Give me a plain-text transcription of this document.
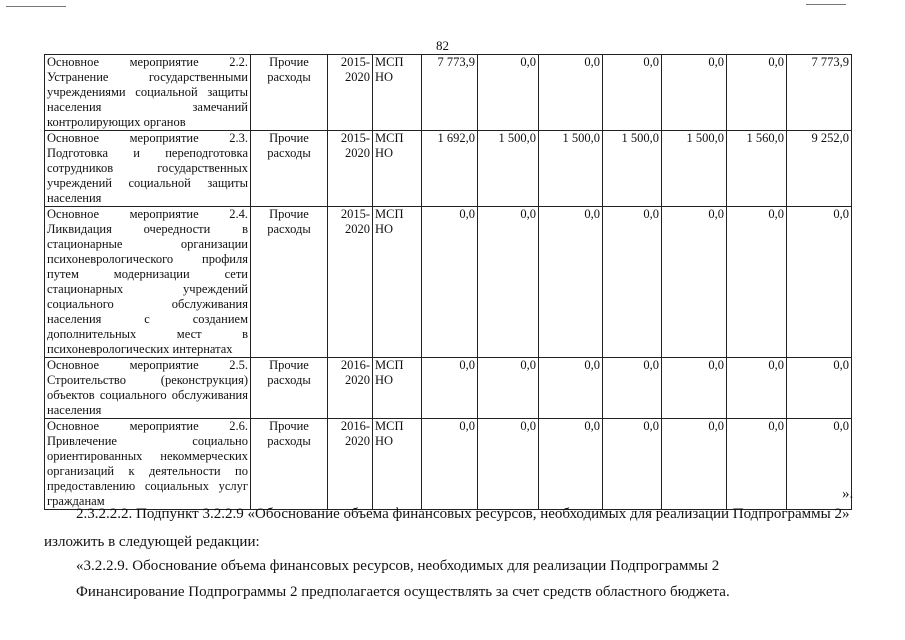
82
Основное мероприятие 2.2. Устранение государственными учреждениями социальной защиты населения замечаний контролирующих органов	Прочие расходы	2015-2020	МСП НО	7 773,9	0,0	0,0	0,0	0,0	0,0	7 773,9
Основное мероприятие 2.3. Подготовка и переподготовка сотрудников государственных учреждений социальной защиты населения	Прочие расходы	2015-2020	МСП НО	1 692,0	1 500,0	1 500,0	1 500,0	1 500,0	1 560,0	9 252,0
Основное мероприятие 2.4. Ликвидация очередности в стационарные организации психоневрологического профиля путем модернизации сети стационарных учреждений социального обслуживания населения с созданием дополнительных мест в психоневрологических интернатах	Прочие расходы	2015-2020	МСП НО	0,0	0,0	0,0	0,0	0,0	0,0	0,0
Основное мероприятие 2.5. Строительство (реконструкция) объектов социального обслуживания населения	Прочие расходы	2016-2020	МСП НО	0,0	0,0	0,0	0,0	0,0	0,0	0,0
Основное мероприятие 2.6. Привлечение социально ориентированных некоммерческих организаций к деятельности по предоставлению социальных услуг гражданам	Прочие расходы	2016-2020	МСП НО	0,0	0,0	0,0	0,0	0,0	0,0	0,0
».
2.3.2.2.2. Подпункт 3.2.2.9 «Обоснование объема финансовых ресурсов, необходимых для реализации Подпрограммы 2»
изложить в следующей редакции:
«3.2.2.9. Обоснование объема финансовых ресурсов, необходимых для реализации Подпрограммы 2
Финансирование Подпрограммы 2 предполагается осуществлять за счет средств областного бюджета.
